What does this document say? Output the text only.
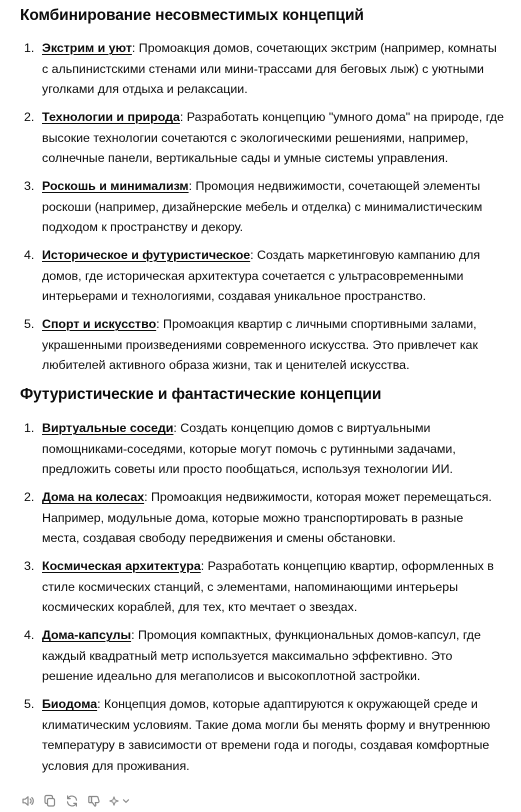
Комбинирование несовместимых концепций
1. Экстрим и уют: Промоакция домов, сочетающих экстрим (например, комнаты с альпинистскими стенами или мини-трассами для беговых лыж) с уютными уголками для отдыха и релаксации.
2. Технологии и природа: Разработать концепцию "умного дома" на природе, где высокие технологии сочетаются с экологическими решениями, например, солнечные панели, вертикальные сады и умные системы управления.
3. Роскошь и минимализм: Промоция недвижимости, сочетающей элементы роскоши (например, дизайнерские мебель и отделка) с минималистическим подходом к пространству и декору.
4. Историческое и футуристическое: Создать маркетинговую кампанию для домов, где историческая архитектура сочетается с ультрасовременными интерьерами и технологиями, создавая уникальное пространство.
5. Спорт и искусство: Промоакция квартир с личными спортивными залами, украшенными произведениями современного искусства. Это привлечет как любителей активного образа жизни, так и ценителей искусства.
Футуристические и фантастические концепции
1. Виртуальные соседи: Создать концепцию домов с виртуальными помощниками-соседями, которые могут помочь с рутинными задачами, предложить советы или просто пообщаться, используя технологии ИИ.
2. Дома на колесах: Промоакция недвижимости, которая может перемещаться. Например, модульные дома, которые можно транспортировать в разные места, создавая свободу передвижения и смены обстановки.
3. Космическая архитектура: Разработать концепцию квартир, оформленных в стиле космических станций, с элементами, напоминающими интерьеры космических кораблей, для тех, кто мечтает о звездах.
4. Дома-капсулы: Промоция компактных, функциональных домов-капсул, где каждый квадратный метр используется максимально эффективно. Это решение идеально для мегаполисов и высокоплотной застройки.
5. Биодома: Концепция домов, которые адаптируются к окружающей среде и климатическим условиям. Такие дома могли бы менять форму и внутреннюю температуру в зависимости от времени года и погоды, создавая комфортные условия для проживания.
